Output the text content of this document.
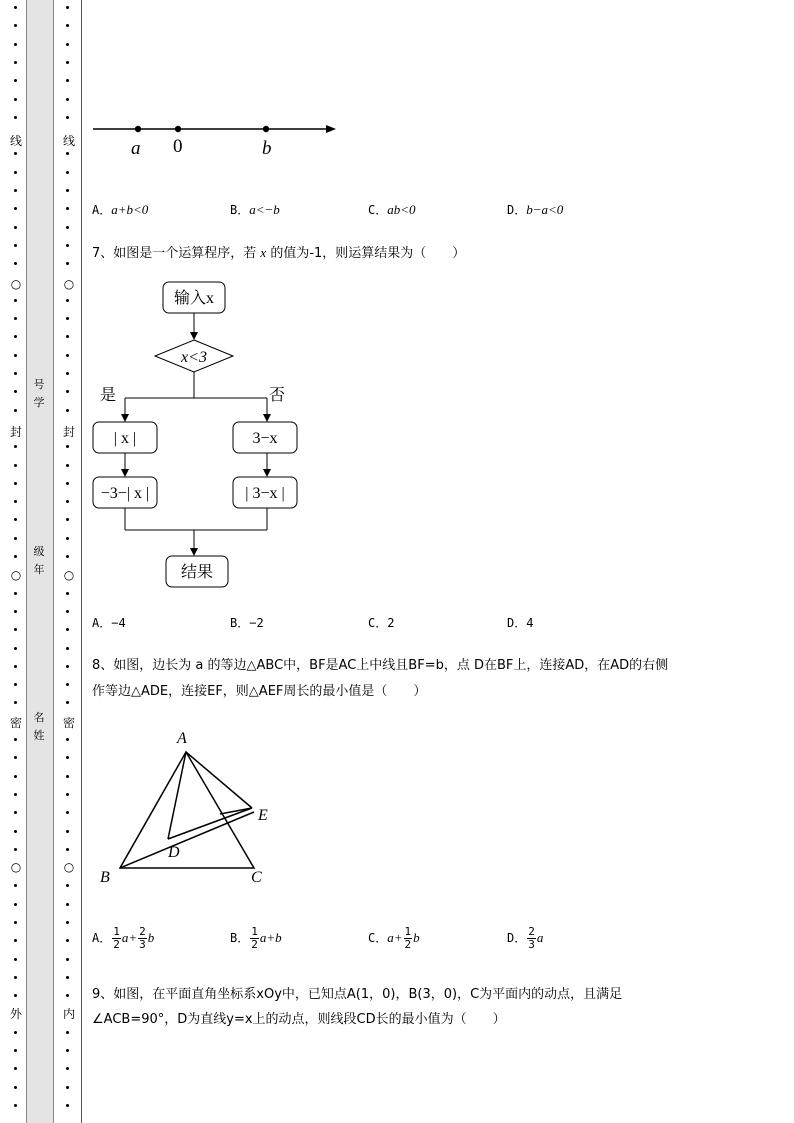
线
○
封
○
密
○
外
线
○
封
○
密
○
内
号学
级年
名姓
a 0	b
A．a+b<0	B．a<−b	C．ab<0	D．b−a<0
7、如图是一个运算程序，若 x 的值为-1，则运算结果为（　　）
输入x
x<3
是	否
| x |	3−x
−3−| x |	| 3−x |
结果
A．−4	B．−2	C．2	D．4
8、如图，边长为 a 的等边△ABC中，BF是AC上中线且BF=b，点 D在BF上，连接AD，在AD的右侧
作等边△ADE，连接EF，则△AEF周长的最小值是（　　）
A
E
D
B	C
A． $\frac{1}{2} a+ \frac{2}{3}$ b	B． $\frac{1}{2} a+b$	C．$a+ \frac{1}{2}$ b	D． $\frac{2}{3}$ a
9、如图，在平面直角坐标系xOy中，已知点A(1，0)，B(3，0)，C为平面内的动点，且满足
∠ACB=90°，D为直线y=x上的动点，则线段CD长的最小值为（　　）
